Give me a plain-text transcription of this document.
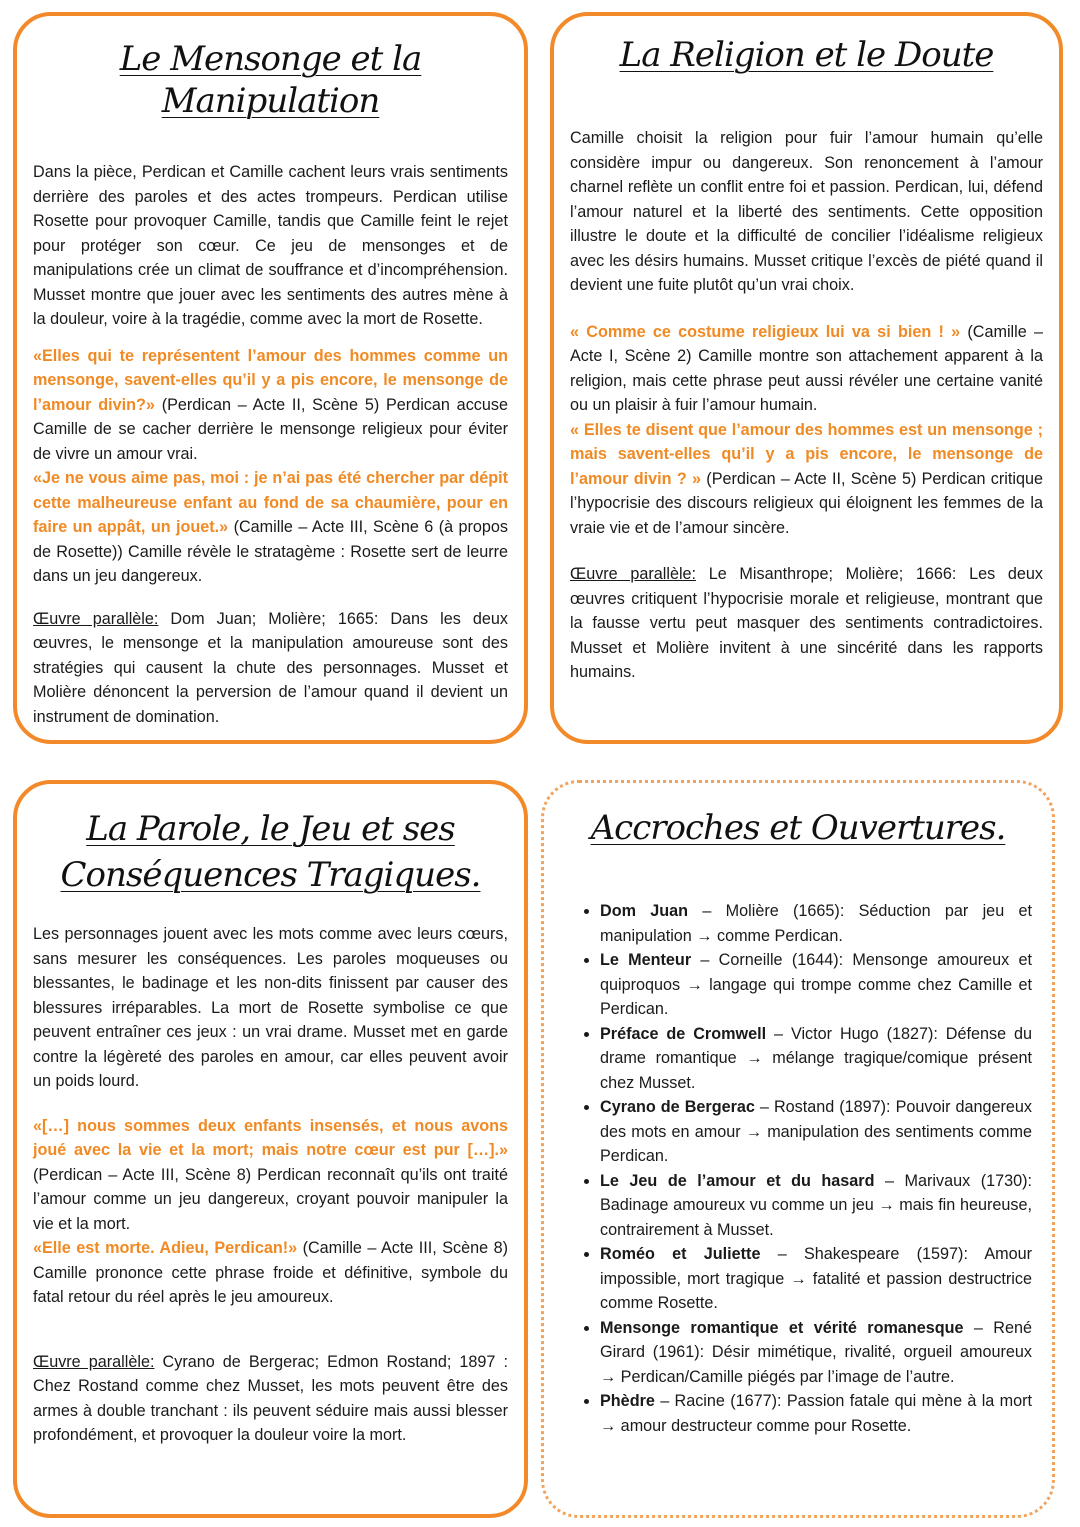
Le Mensonge et la Manipulation

Dans la pièce, Perdican et Camille cachent leurs vrais sentiments derrière des paroles et des actes trompeurs. Perdican utilise Rosette pour provoquer Camille, tandis que Camille feint le rejet pour protéger son cœur. Ce jeu de mensonges et de manipulations crée un climat de souffrance et d’incompréhension. Musset montre que jouer avec les sentiments des autres mène à la douleur, voire à la tragédie, comme avec la mort de Rosette.

«Elles qui te représentent l’amour des hommes comme un mensonge, savent-elles qu’il y a pis encore, le mensonge de l’amour divin?» (Perdican – Acte II, Scène 5) Perdican accuse Camille de se cacher derrière le mensonge religieux pour éviter de vivre un amour vrai.

«Je ne vous aime pas, moi : je n’ai pas été chercher par dépit cette malheureuse enfant au fond de sa chaumière, pour en faire un appât, un jouet.» (Camille – Acte III, Scène 6 (à propos de Rosette)) Camille révèle le stratagème : Rosette sert de leurre dans un jeu dangereux.

Œuvre parallèle: Dom Juan; Molière; 1665: Dans les deux œuvres, le mensonge et la manipulation amoureuse sont des stratégies qui causent la chute des personnages. Musset et Molière dénoncent la perversion de l’amour quand il devient un instrument de domination.

La Religion et le Doute

Camille choisit la religion pour fuir l’amour humain qu’elle considère impur ou dangereux. Son renoncement à l’amour charnel reflète un conflit entre foi et passion. Perdican, lui, défend l’amour naturel et la liberté des sentiments. Cette opposition illustre le doute et la difficulté de concilier l’idéalisme religieux avec les désirs humains. Musset critique l’excès de piété quand il devient une fuite plutôt qu’un vrai choix.

« Comme ce costume religieux lui va si bien ! » (Camille – Acte I, Scène 2) Camille montre son attachement apparent à la religion, mais cette phrase peut aussi révéler une certaine vanité ou un plaisir à fuir l’amour humain.

« Elles te disent que l’amour des hommes est un mensonge ; mais savent-elles qu’il y a pis encore, le mensonge de l’amour divin ? » (Perdican – Acte II, Scène 5) Perdican critique l’hypocrisie des discours religieux qui éloignent les femmes de la vraie vie et de l’amour sincère.

Œuvre parallèle: Le Misanthrope; Molière; 1666: Les deux œuvres critiquent l’hypocrisie morale et religieuse, montrant que la fausse vertu peut masquer des sentiments contradictoires. Musset et Molière invitent à une sincérité dans les rapports humains.

La Parole, le Jeu et ses Conséquences Tragiques.

Les personnages jouent avec les mots comme avec leurs cœurs, sans mesurer les conséquences. Les paroles moqueuses ou blessantes, le badinage et les non-dits finissent par causer des blessures irréparables. La mort de Rosette symbolise ce que peuvent entraîner ces jeux : un vrai drame. Musset met en garde contre la légèreté des paroles en amour, car elles peuvent avoir un poids lourd.

«[…] nous sommes deux enfants insensés, et nous avons joué avec la vie et la mort; mais notre cœur est pur […].» (Perdican – Acte III, Scène 8) Perdican reconnaît qu’ils ont traité l’amour comme un jeu dangereux, croyant pouvoir manipuler la vie et la mort.

«Elle est morte. Adieu, Perdican!» (Camille – Acte III, Scène 8) Camille prononce cette phrase froide et définitive, symbole du fatal retour du réel après le jeu amoureux.

Œuvre parallèle: Cyrano de Bergerac; Edmon Rostand; 1897 : Chez Rostand comme chez Musset, les mots peuvent être des armes à double tranchant : ils peuvent séduire mais aussi blesser profondément, et provoquer la douleur voire la mort.

Accroches et Ouvertures.
• Dom Juan – Molière (1665): Séduction par jeu et manipulation → comme Perdican.
• Le Menteur – Corneille (1644): Mensonge amoureux et quiproquos → langage qui trompe comme chez Camille et Perdican.
• Préface de Cromwell – Victor Hugo (1827): Défense du drame romantique → mélange tragique/comique présent chez Musset.
• Cyrano de Bergerac – Rostand (1897): Pouvoir dangereux des mots en amour → manipulation des sentiments comme Perdican.
• Le Jeu de l’amour et du hasard – Marivaux (1730): Badinage amoureux vu comme un jeu → mais fin heureuse, contrairement à Musset.
• Roméo et Juliette – Shakespeare (1597): Amour impossible, mort tragique → fatalité et passion destructrice comme Rosette.
• Mensonge romantique et vérité romanesque – René Girard (1961): Désir mimétique, rivalité, orgueil amoureux → Perdican/Camille piégés par l’image de l’autre.
• Phèdre – Racine (1677): Passion fatale qui mène à la mort → amour destructeur comme pour Rosette.
